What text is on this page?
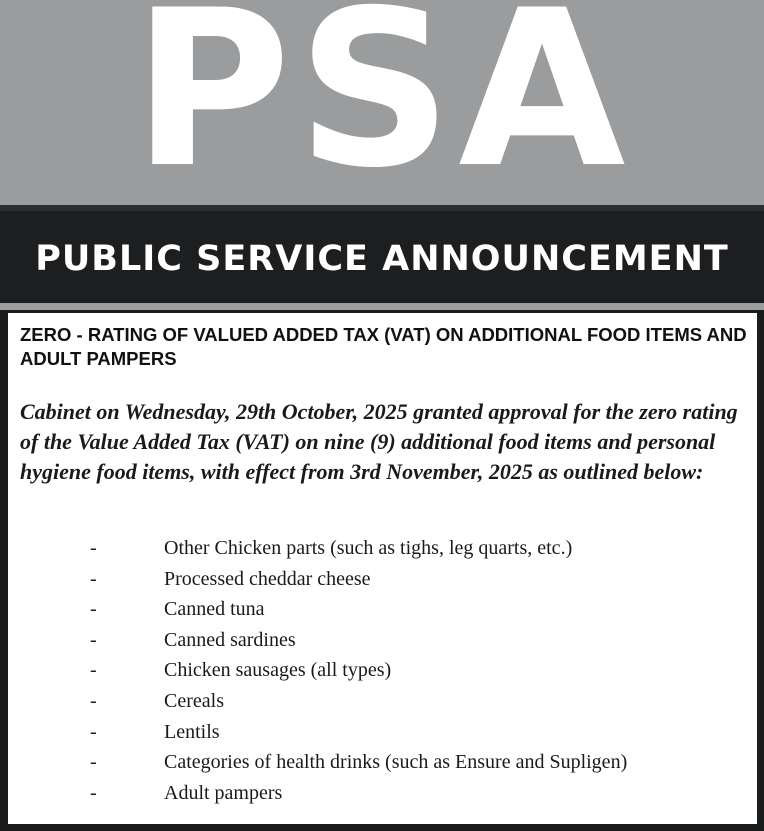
PSA
PUBLIC SERVICE ANNOUNCEMENT
ZERO - RATING OF VALUED ADDED TAX (VAT) ON ADDITIONAL FOOD ITEMS AND ADULT PAMPERS

Cabinet on Wednesday, 29th October, 2025 granted approval for the zero rating of the Value Added Tax (VAT) on nine (9) additional food items and personal hygiene food items, with effect from 3rd November, 2025 as outlined below:

-	Other Chicken parts (such as tighs, leg quarts, etc.)
-	Processed cheddar cheese
-	Canned tuna
-	Canned sardines
-	Chicken sausages (all types)
-	Cereals
-	Lentils
-	Categories of health drinks (such as Ensure and Supligen)
-	Adult pampers
